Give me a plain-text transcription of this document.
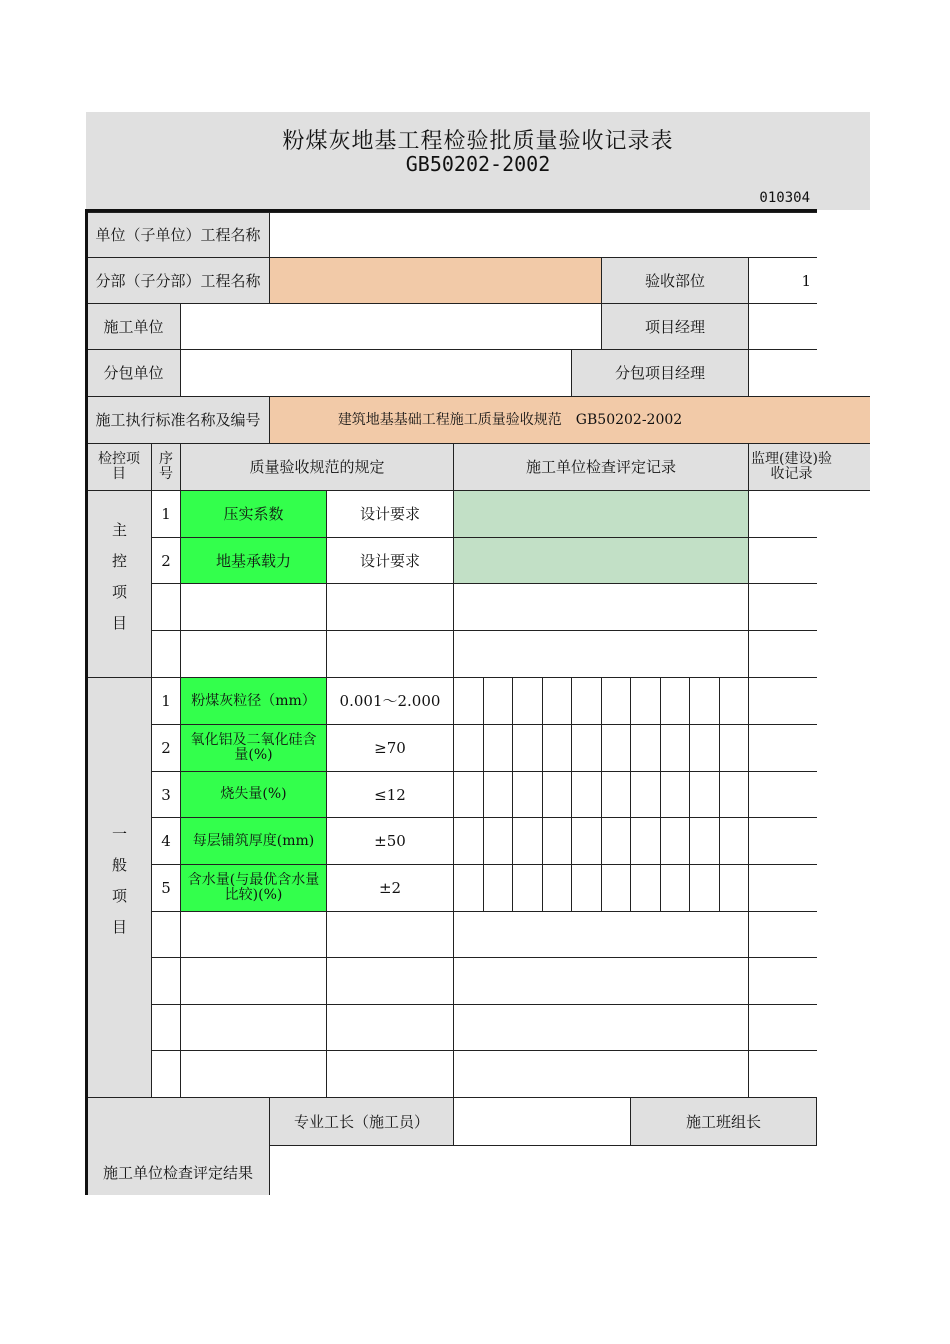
粉煤灰地基工程检验批质量验收记录表
GB50202-2002
010304
单位（子单位）工程名称
分部（子分部）工程名称	验收部位	1
施工单位	项目经理
分包单位	分包项目经理
施工执行标准名称及编号	建筑地基基础工程施工质量验收规范　GB50202-2002
检控项目
序号	质量验收规范的规定	施工单位检查评定记录	监理(建设)验收记录
主控项目
1	压实系数	设计要求
2	地基承载力	设计要求
一般项目
1	粉煤灰粒径（mm）	0.001～2.000
2	氧化铝及二氧化硅含量(%)	≥70
3	烧失量(%)	≤12
4	每层铺筑厚度(mm)	±50
5	含水量(与最优含水量比较)(%)	±2
施工单位检查评定结果
专业工长（施工员）	施工班组长
